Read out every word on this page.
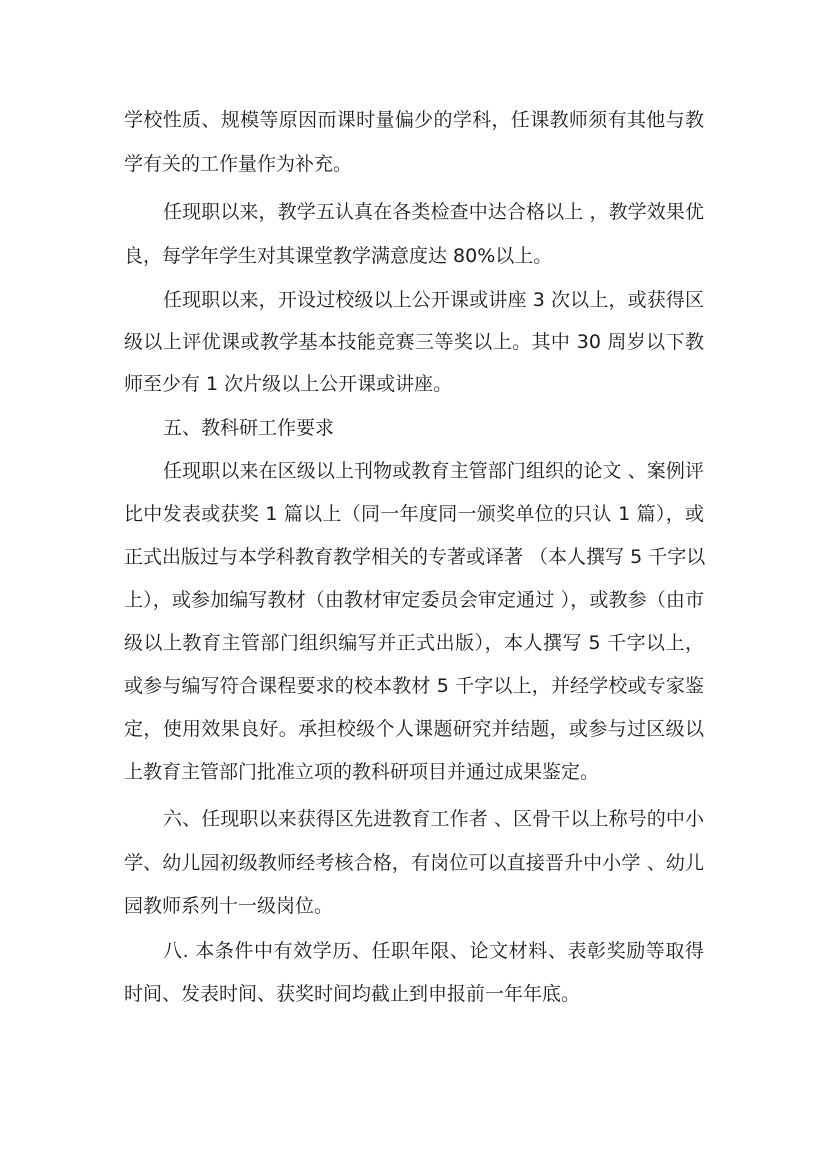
学校性质、规模等原因而课时量偏少的学科，任课教师须有其他与教
学有关的工作量作为补充。
任现职以来，教学五认真在各类检查中达合格以上 ，教学效果优
良，每学年学生对其课堂教学满意度达 80%以上。
任现职以来，开设过校级以上公开课或讲座 3 次以上，或获得区
级以上评优课或教学基本技能竞赛三等奖以上。其中 30 周岁以下教
师至少有 1 次片级以上公开课或讲座。
五、教科研工作要求
任现职以来在区级以上刊物或教育主管部门组织的论文 、案例评
比中发表或获奖 1 篇以上（同一年度同一颁奖单位的只认 1 篇），或
正式出版过与本学科教育教学相关的专著或译著 （本人撰写 5 千字以
上），或参加编写教材（由教材审定委员会审定通过 ），或教参（由市
级以上教育主管部门组织编写并正式出版），本人撰写 5 千字以上，
或参与编写符合课程要求的校本教材 5 千字以上，并经学校或专家鉴
定，使用效果良好。承担校级个人课题研究并结题，或参与过区级以
上教育主管部门批准立项的教科研项目并通过成果鉴定。
六、任现职以来获得区先进教育工作者 、区骨干以上称号的中小
学、幼儿园初级教师经考核合格，有岗位可以直接晋升中小学 、幼儿
园教师系列十一级岗位。
八. 本条件中有效学历、任职年限、论文材料、表彰奖励等取得
时间、发表时间、获奖时间均截止到申报前一年年底。
